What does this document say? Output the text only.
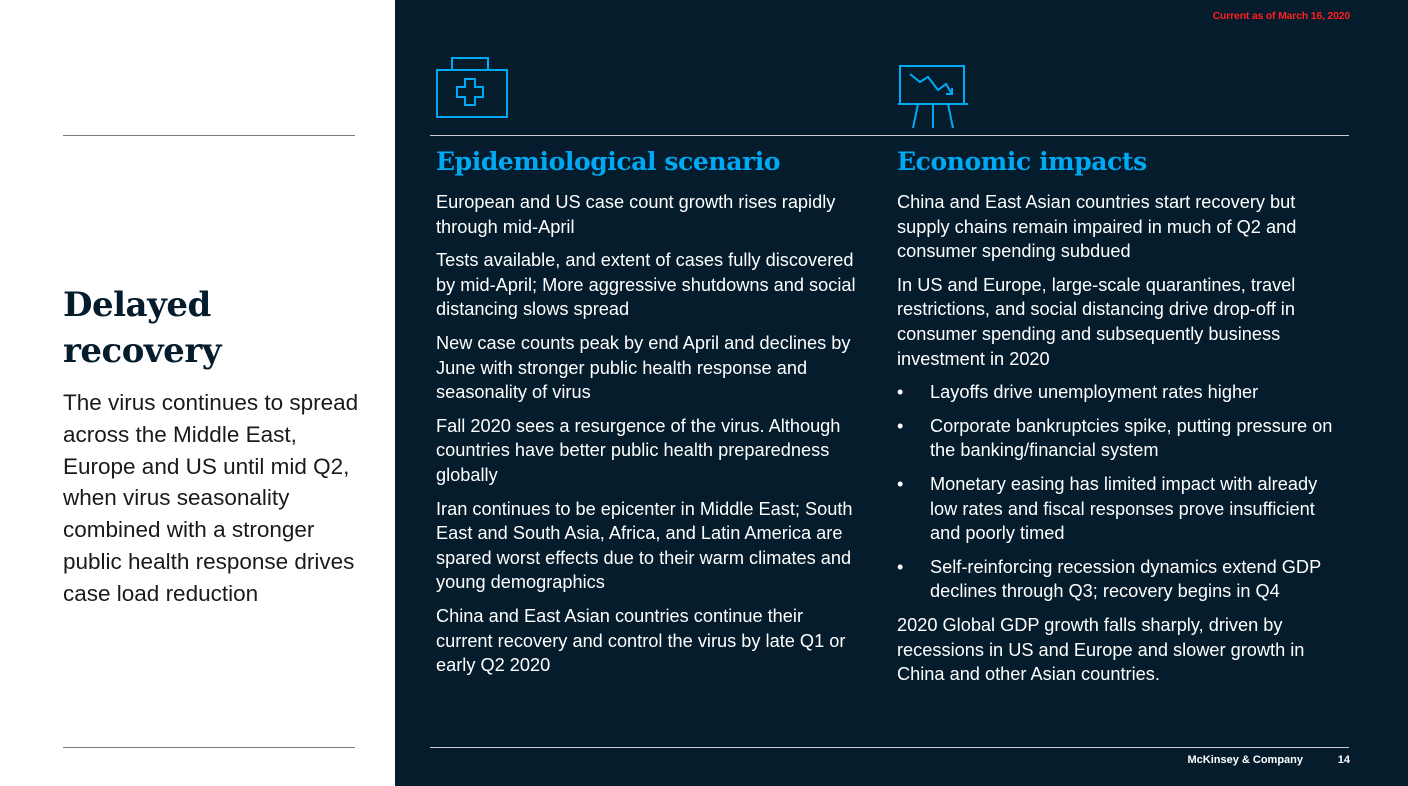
Delayed recovery

The virus continues to spread across the Middle East, Europe and US until mid Q2, when virus seasonality combined with a stronger public health response drives case load reduction

Current as of March 16, 2020
Epidemiological scenario

European and US case count growth rises rapidly through mid-April

Tests available, and extent of cases fully discovered by mid-April; More aggressive shutdowns and social distancing slows spread

New case counts peak by end April and declines by June with stronger public health response and seasonality of virus

Fall 2020 sees a resurgence of the virus. Although countries have better public health preparedness globally

Iran continues to be epicenter in Middle East; South East and South Asia, Africa, and Latin America are spared worst effects due to their warm climates and young demographics

China and East Asian countries continue their current recovery and control the virus by late Q1 or early Q2 2020

Economic impacts

China and East Asian countries start recovery but supply chains remain impaired in much of Q2 and consumer spending subdued

In US and Europe, large-scale quarantines, travel restrictions, and social distancing drive drop-off in consumer spending and subsequently business investment in 2020

• Layoffs drive unemployment rates higher
• Corporate bankruptcies spike, putting pressure on the banking/financial system
• Monetary easing has limited impact with already low rates and fiscal responses prove insufficient and poorly timed
• Self-reinforcing recession dynamics extend GDP declines through Q3; recovery begins in Q4

2020 Global GDP growth falls sharply, driven by recessions in US and Europe and slower growth in China and other Asian countries.

McKinsey & Company	14
